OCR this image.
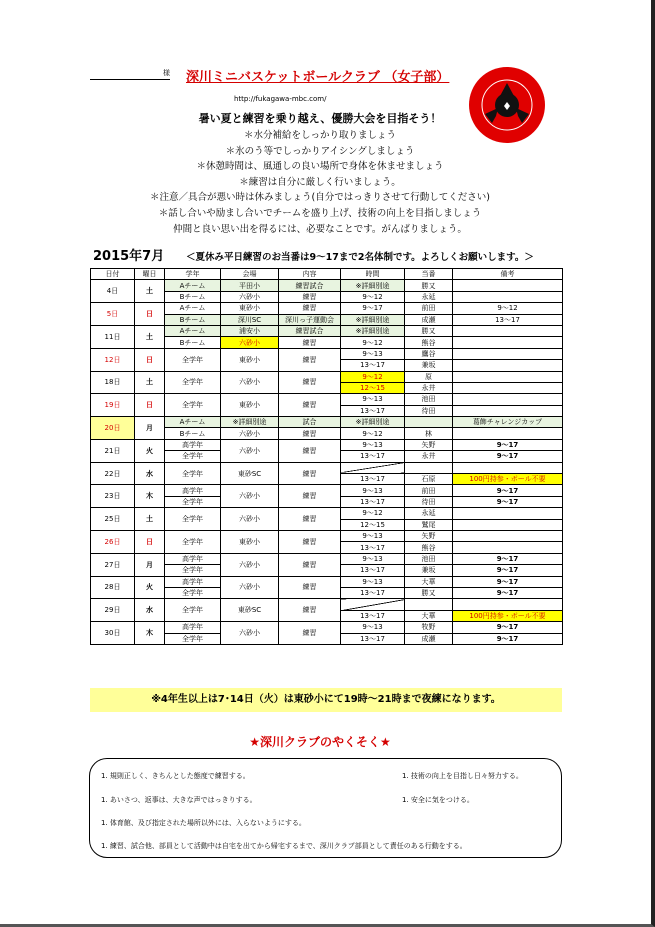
様 深川ミニバスケットボールクラブ （女子部）
http://fukagawa-mbc.com/
暑い夏と練習を乗り越え、優勝大会を目指そう！
＊水分補給をしっかり取りましょう
＊氷のう等でしっかりアイシングしましょう
＊休憩時間は、風通しの良い場所で身体を休ませましょう
＊練習は自分に厳しく行いましょう。
＊注意／具合が悪い時は休みましょう(自分ではっきりさせて行動してください)
＊話し合いや励まし合いでチームを盛り上げ、技術の向上を目指しましょう
仲間と良い思い出を得るには、必要なことです。がんばりましょう。
2015年7月 ＜夏休み平日練習のお当番は9～17まで2名体制です。よろしくお願いします。＞
日付	曜日	学年	会場	内容	時間	当番	備考
4日	土	Aチーム	平田小	練習試合	※詳細別途	勝又	
		Bチーム	六砂小	練習	9～12	永延	
5日	日	Aチーム	東砂小	練習	9～17	前田	9～12
		Bチーム	深川SC	深川っ子運動会	※詳細別途	成瀬	13～17
11日	土	Aチーム	浦安小	練習試合	※詳細別途	勝又	
		Bチーム	六砂小	練習	9～12	熊谷	
12日	日	全学年	東砂小	練習	9～13	鷹谷	
					13～17	兼坂	
18日	土	全学年	六砂小	練習	9～12	原	
					12～15	永井	
19日	日	全学年	東砂小	練習	9～13	池田	
					13～17	待田	
20日	月	Aチーム	※詳細別途	試合	※詳細別途		葛飾チャレンジカップ
		Bチーム	六砂小	練習	9～12	林	
21日	火	高学年	六砂小	練習	9～13	矢野	9～17
		全学年			13～17	永井	9～17
22日	水	全学年	東砂SC	練習			
					13～17	石原	100円持参・ボール不要
23日	木	高学年	六砂小	練習	9～13	前田	9～17
		全学年			13～17	待田	9～17
25日	土	全学年	六砂小	練習	9～12	永延	
					12～15	鷲尾	
26日	日	全学年	東砂小	練習	9～13	矢野	
					13～17	熊谷	
27日	月	高学年	六砂小	練習	9～13	池田	9～17
		全学年			13～17	兼坂	9～17
28日	火	高学年	六砂小	練習	9～13	大華	9～17
		全学年			13～17	勝又	9～17
29日	水	全学年	東砂SC	練習			
					13～17	大華	100円持参・ボール不要
30日	木	高学年	六砂小	練習	9～13	牧野	9～17
		全学年			13～17	成瀬	9～17
※4年生以上は7･14日（火）は東砂小にて19時～21時まで夜練になります。
★深川クラブのやくそく★
1. 規則正しく、きちんとした態度で練習する。	1. 技術の向上を目指し日々努力する。
1. あいさつ、返事は、大きな声ではっきりする。	1. 安全に気をつける。
1. 体育館、及び指定された場所以外には、入らないようにする。
1. 練習、試合他、部員として活動中は自宅を出てから帰宅するまで、深川クラブ部員として責任のある行動をする。
